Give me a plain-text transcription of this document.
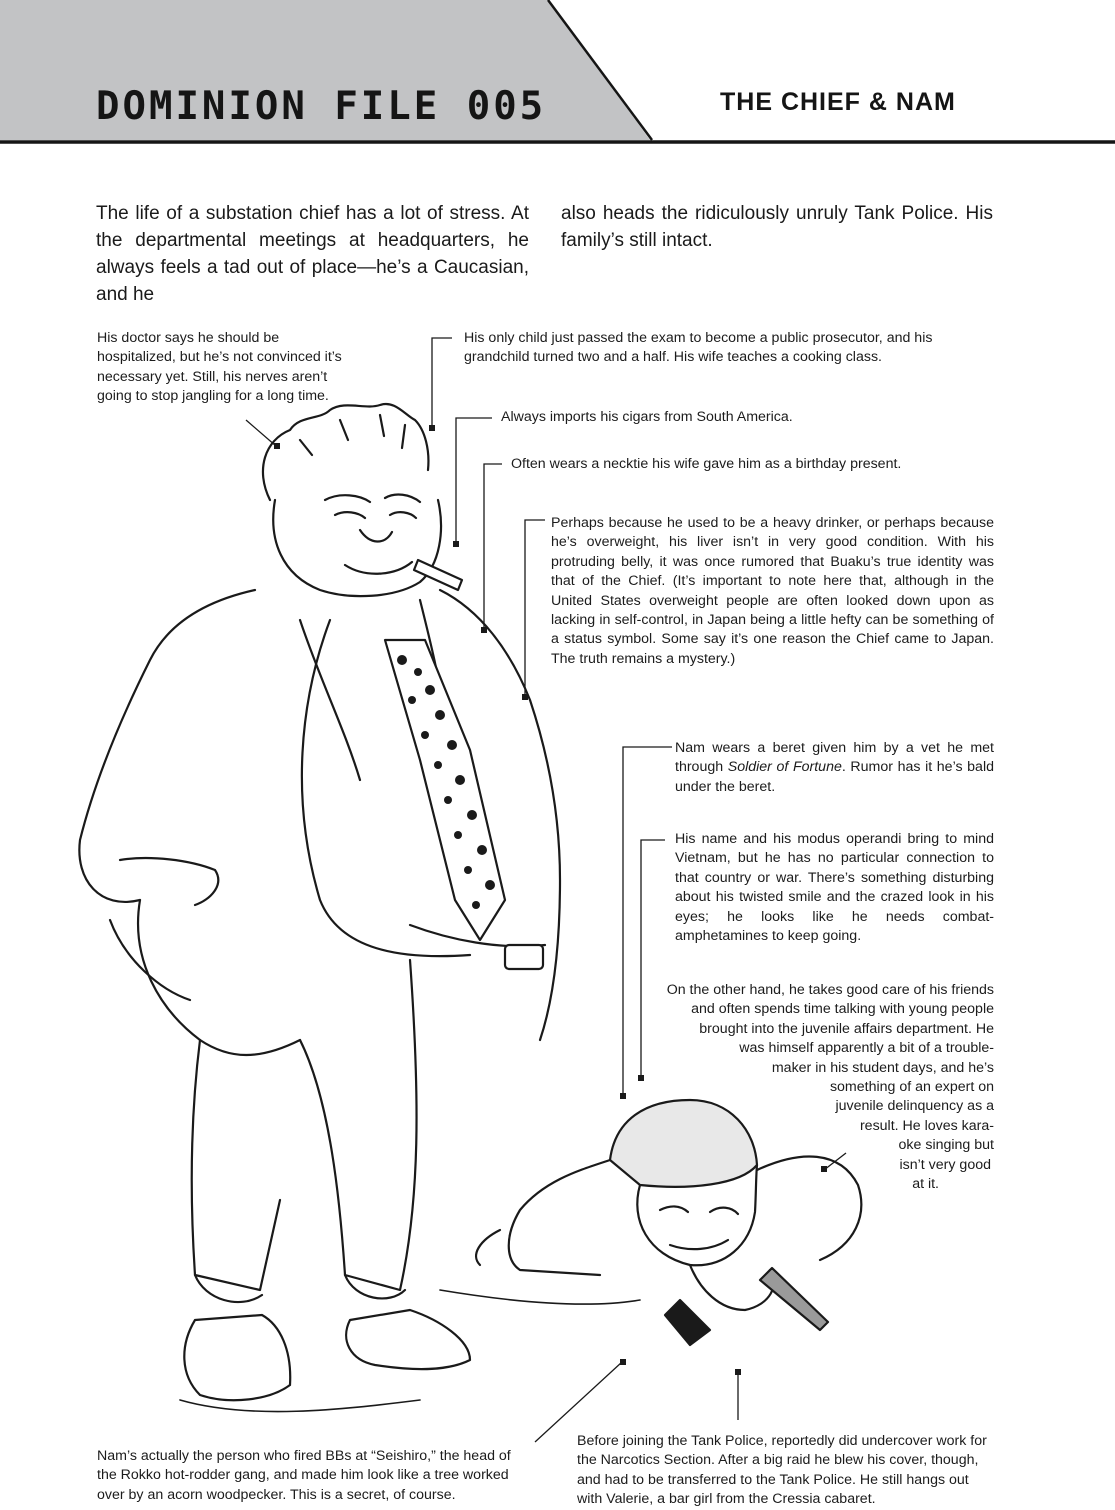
DOMINION FILE 005	THE CHIEF & NAM
The life of a substation chief has a lot of stress. At the departmental meetings at headquarters, he always feels a tad out of place—he’s a Caucasian, and he
also heads the ridiculously unruly Tank Police. His family’s still intact.
His doctor says he should be hospitalized, but he’s not convinced it’s necessary yet. Still, his nerves aren’t going to stop jangling for a long time.
His only child just passed the exam to become a public prosecutor, and his grandchild turned two and a half. His wife teaches a cooking class.
Always imports his cigars from South America.
Often wears a necktie his wife gave him as a birthday present.
Perhaps because he used to be a heavy drinker, or perhaps because he’s overweight, his liver isn’t in very good condition. With his protruding belly, it was once rumored that Buaku’s true identity was that of the Chief. (It’s important to note here that, although in the United States overweight people are often looked down upon as lacking in self-control, in Japan being a little hefty can be something of a status symbol. Some say it’s one reason the Chief came to Japan. The truth remains a mystery.)
Nam wears a beret given him by a vet he met through Soldier of Fortune. Rumor has it he’s bald under the beret.
His name and his modus operandi bring to mind Vietnam, but he has no particular connection to that country or war. There’s something disturbing about his twisted smile and the crazed look in his eyes; he looks like he needs combat-amphetamines to keep going.
On the other hand, he takes good care of his friends
and often spends time talking with young people
brought into the juvenile affairs department. He
was himself apparently a bit of a trouble-
maker in his student days, and he’s
something of an expert on
juvenile delinquency as a
result. He loves kara-
oke singing but
isn’t very good
at it.
Nam’s actually the person who fired BBs at “Seishiro,” the head of the Rokko hot-rodder gang, and made him look like a tree worked over by an acorn woodpecker. This is a secret, of course.
Before joining the Tank Police, reportedly did undercover work for the Narcotics Section. After a big raid he blew his cover, though, and had to be transferred to the Tank Police. He still hangs out with Valerie, a bar girl from the Cressia cabaret.
